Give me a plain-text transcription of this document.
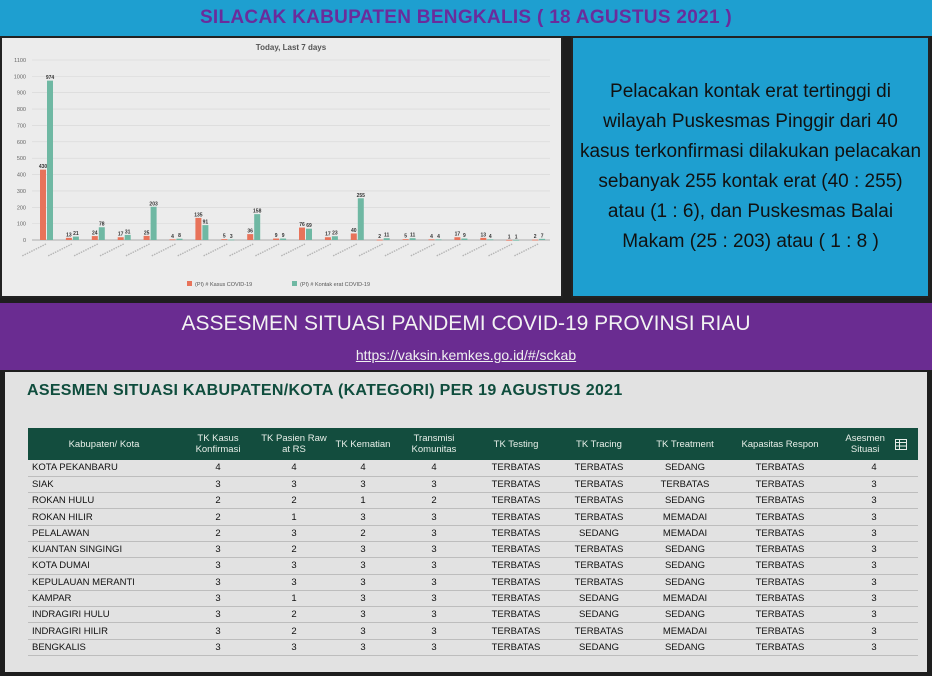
SILACAK KABUPATEN BENGKALIS ( 18 AGUSTUS 2021 )
Today, Last 7 days
0
100
200
300
400
500
600
700
800
900
1000
1100
430
13	24	17	25
4
135
5
36
9
76
17
40
2	5	4	17	13	1	2
974
21
78
31
203
8
91
3
158
9
69
23
255
11	11	4	9	4	1	7
(PI) # Kasus COVID-19	(PI) # Kontak erat COVID-19

Pelacakan kontak erat tertinggi di wilayah Puskesmas Pinggir dari 40 kasus terkonfirmasi dilakukan pelacakan sebanyak 255 kontak erat (40 : 255) atau (1 : 6), dan Puskesmas Balai Makam (25 : 203) atau ( 1 : 8 )

ASSESMEN SITUASI PANDEMI COVID-19 PROVINSI RIAU
https://vaksin.kemkes.go.id/#/sckab
ASESMEN SITUASI KABUPATEN/KOTA (KATEGORI) PER 19 AGUSTUS 2021
Kabupaten/ Kota	TK Kasus Konfirmasi	TK Pasien Raw at RS	TK Kematian	Transmisi Komunitas	TK Testing	TK Tracing	TK Treatment	Kapasitas Respon	Asesmen Situasi
KOTA PEKANBARU	4	4	4	4	TERBATAS	TERBATAS	SEDANG	TERBATAS	4
SIAK	3	3	3	3	TERBATAS	TERBATAS	TERBATAS	TERBATAS	3
ROKAN HULU	2	2	1	2	TERBATAS	TERBATAS	SEDANG	TERBATAS	3
ROKAN HILIR	2	1	3	3	TERBATAS	TERBATAS	MEMADAI	TERBATAS	3
PELALAWAN	2	3	2	3	TERBATAS	SEDANG	MEMADAI	TERBATAS	3
KUANTAN SINGINGI	3	2	3	3	TERBATAS	TERBATAS	SEDANG	TERBATAS	3
KOTA DUMAI	3	3	3	3	TERBATAS	TERBATAS	SEDANG	TERBATAS	3
KEPULAUAN MERANTI	3	3	3	3	TERBATAS	TERBATAS	SEDANG	TERBATAS	3
KAMPAR	3	1	3	3	TERBATAS	SEDANG	MEMADAI	TERBATAS	3
INDRAGIRI HULU	3	2	3	3	TERBATAS	SEDANG	SEDANG	TERBATAS	3
INDRAGIRI HILIR	3	2	3	3	TERBATAS	TERBATAS	MEMADAI	TERBATAS	3
BENGKALIS	3	3	3	3	TERBATAS	SEDANG	SEDANG	TERBATAS	3
